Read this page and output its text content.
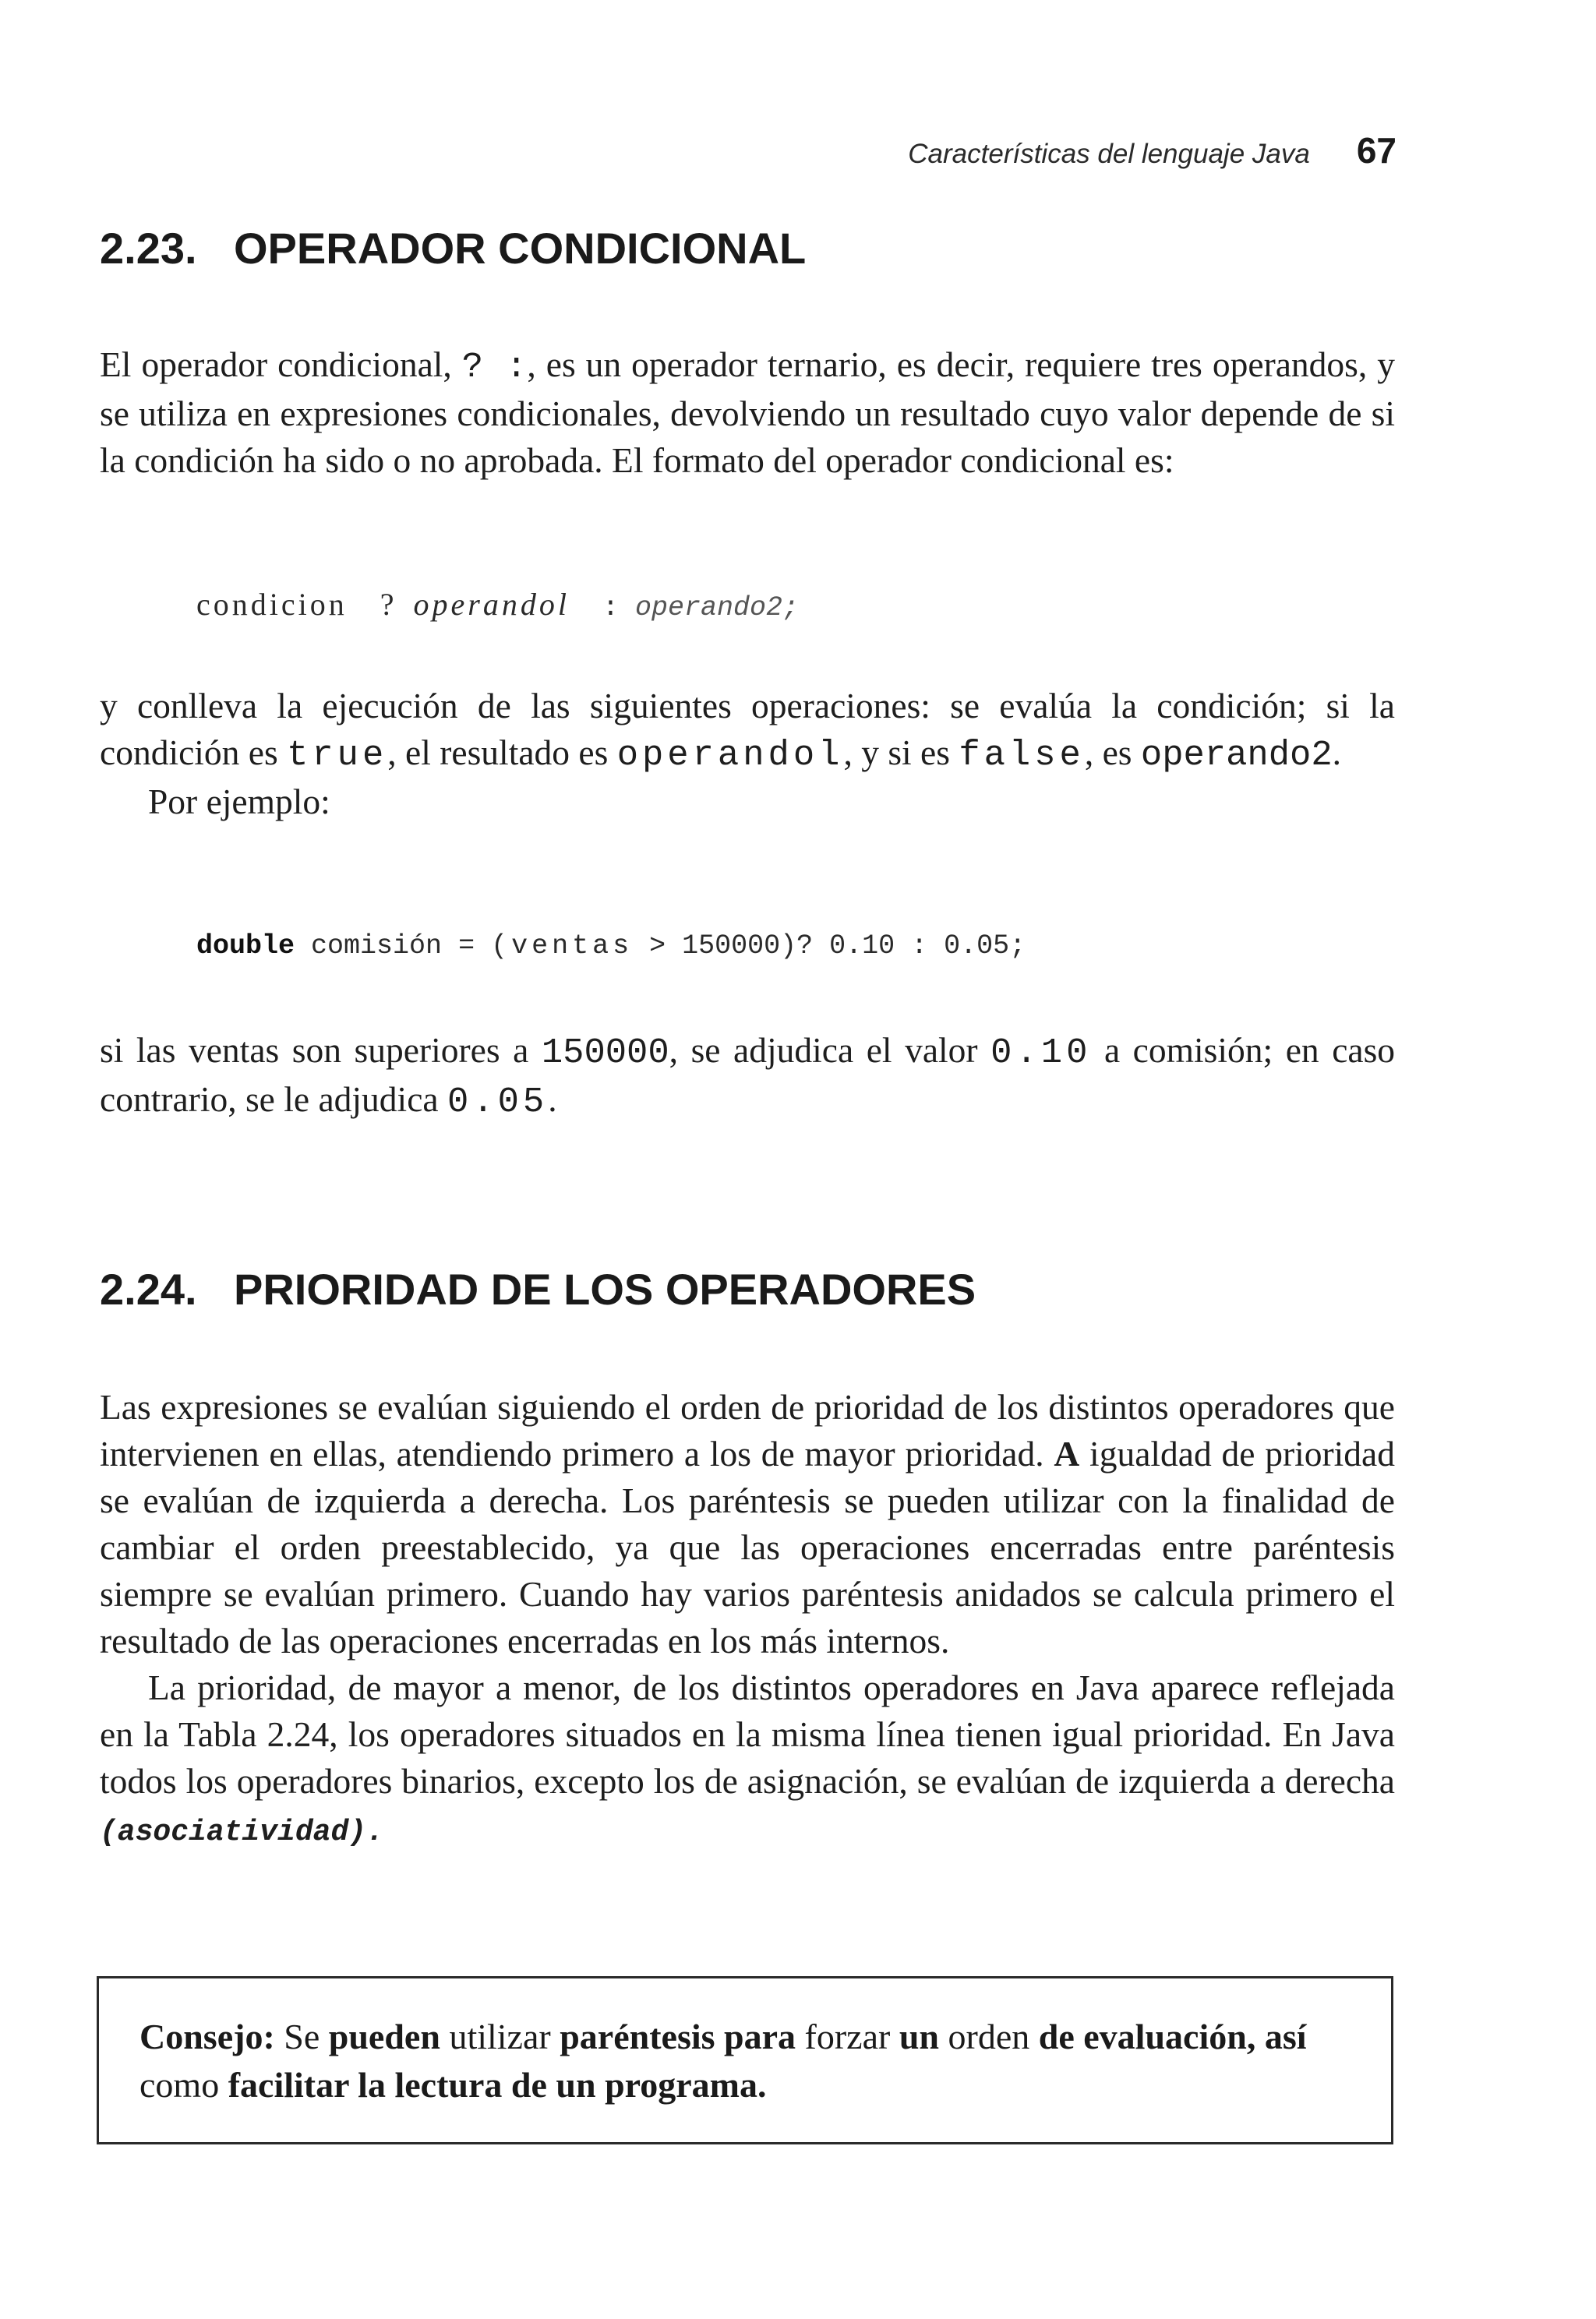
Características del lenguaje Java 67
2.23. OPERADOR CONDICIONAL

El operador condicional, ? :, es un operador ternario, es decir, requiere tres operandos, y se utiliza en expresiones condicionales, devolviendo un resultado cuyo valor depende de si la condición ha sido o no aprobada. El formato del operador condicional es:

condicion ? operandol : operando2;

y conlleva la ejecución de las siguientes operaciones: se evalúa la condición; si la condición es true, el resultado es operandol, y si es false, es operando2.

Por ejemplo:

double comisión = (ventas > 150000)? 0.10 : 0.05;

si las ventas son superiores a 150000, se adjudica el valor 0.10 a comisión; en caso contrario, se le adjudica 0.05.

2.24. PRIORIDAD DE LOS OPERADORES

Las expresiones se evalúan siguiendo el orden de prioridad de los distintos operadores que intervienen en ellas, atendiendo primero a los de mayor prioridad. A igualdad de prioridad se evalúan de izquierda a derecha. Los paréntesis se pueden utilizar con la finalidad de cambiar el orden preestablecido, ya que las operaciones encerradas entre paréntesis siempre se evalúan primero. Cuando hay varios paréntesis anidados se calcula primero el resultado de las operaciones encerradas en los más internos.

La prioridad, de mayor a menor, de los distintos operadores en Java aparece reflejada en la Tabla 2.24, los operadores situados en la misma línea tienen igual prioridad. En Java todos los operadores binarios, excepto los de asignación, se evalúan de izquierda a derecha (asociatividad).

Consejo: Se pueden utilizar paréntesis para forzar un orden de evaluación, así como facilitar la lectura de un programa.
